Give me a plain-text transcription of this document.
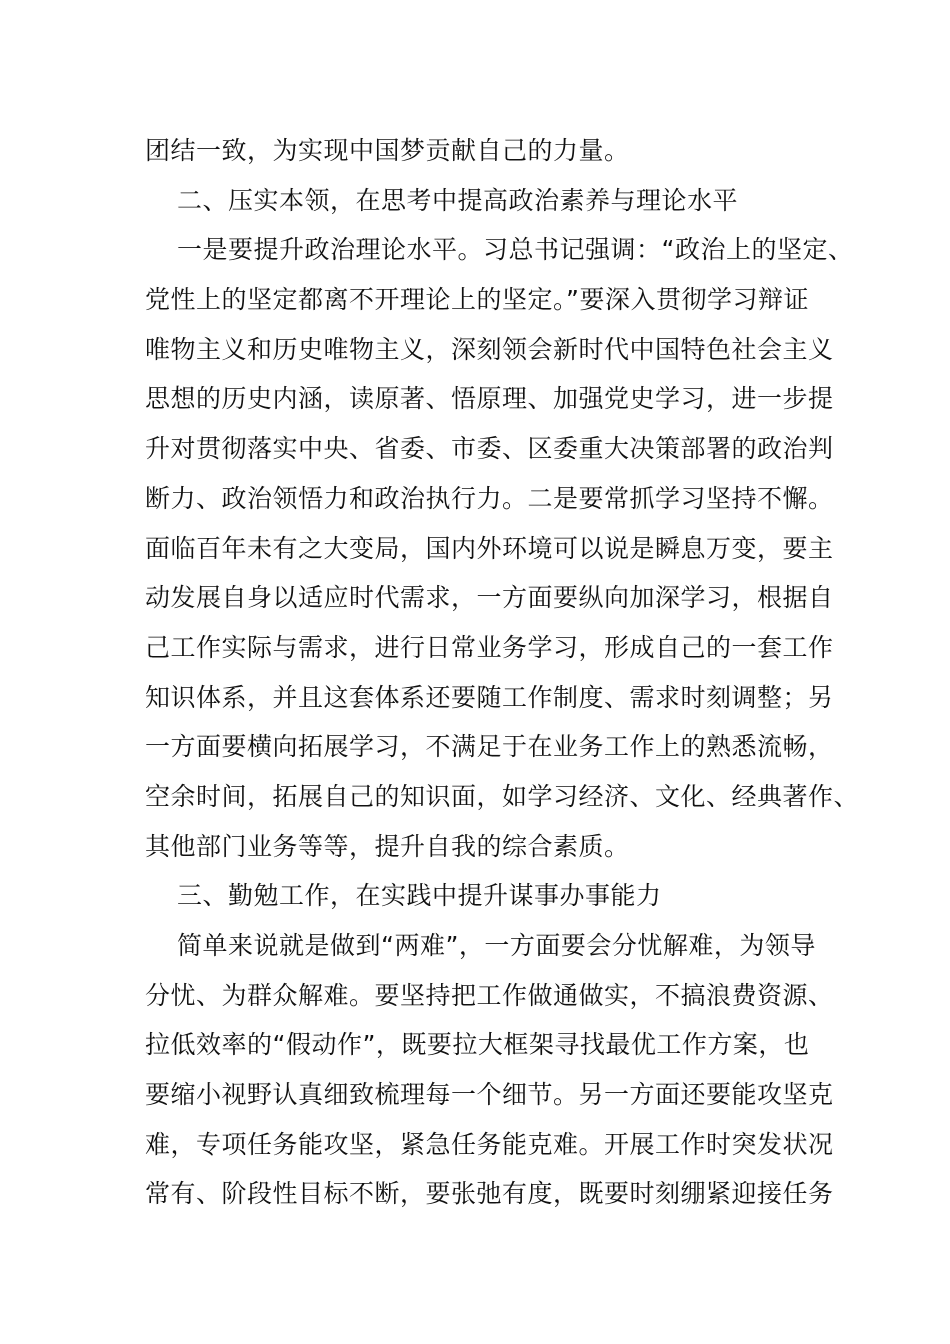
团结一致，为实现中国梦贡献自己的力量。
二、压实本领，在思考中提高政治素养与理论水平
一是要提升政治理论水平。习总书记强调：“政治上的坚定、
党性上的坚定都离不开理论上的坚定。”要深入贯彻学习辩证
唯物主义和历史唯物主义，深刻领会新时代中国特色社会主义
思想的历史内涵，读原著、悟原理、加强党史学习，进一步提
升对贯彻落实中央、省委、市委、区委重大决策部署的政治判
断力、政治领悟力和政治执行力。二是要常抓学习坚持不懈。
面临百年未有之大变局，国内外环境可以说是瞬息万变，要主
动发展自身以适应时代需求，一方面要纵向加深学习，根据自
己工作实际与需求，进行日常业务学习，形成自己的一套工作
知识体系，并且这套体系还要随工作制度、需求时刻调整；另
一方面要横向拓展学习，不满足于在业务工作上的熟悉流畅，
空余时间，拓展自己的知识面，如学习经济、文化、经典著作、
其他部门业务等等，提升自我的综合素质。
三、勤勉工作，在实践中提升谋事办事能力
简单来说就是做到“两难”，一方面要会分忧解难，为领导
分忧、为群众解难。要坚持把工作做通做实，不搞浪费资源、
拉低效率的“假动作”，既要拉大框架寻找最优工作方案，也
要缩小视野认真细致梳理每一个细节。另一方面还要能攻坚克
难，专项任务能攻坚，紧急任务能克难。开展工作时突发状况
常有、阶段性目标不断，要张弛有度，既要时刻绷紧迎接任务
